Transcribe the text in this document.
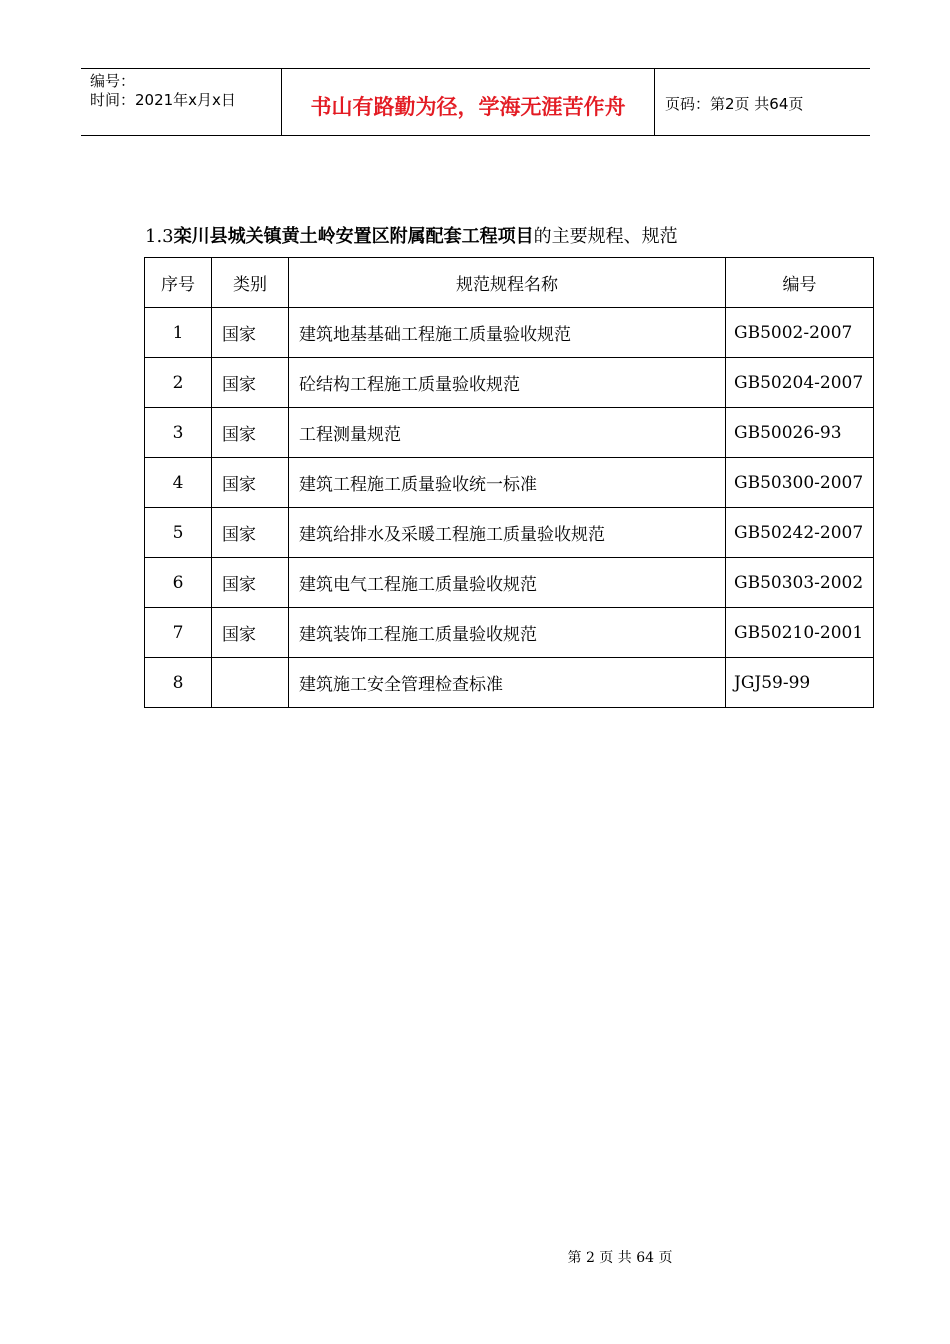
编号：
时间：2021年x月x日	书山有路勤为径，学海无涯苦作舟	页码：第2页 共64页
1.3栾川县城关镇黄土岭安置区附属配套工程项目的主要规程、规范
序号	类别	规范规程名称	编号
1	国家	建筑地基基础工程施工质量验收规范	GB5002-2007
2	国家	砼结构工程施工质量验收规范	GB50204-2007
3	国家	工程测量规范	GB50026-93
4	国家	建筑工程施工质量验收统一标准	GB50300-2007
5	国家	建筑给排水及采暖工程施工质量验收规范	GB50242-2007
6	国家	建筑电气工程施工质量验收规范	GB50303-2002
7	国家	建筑装饰工程施工质量验收规范	GB50210-2001
8		建筑施工安全管理检查标准	JGJ59-99
第 2 页 共 64 页
